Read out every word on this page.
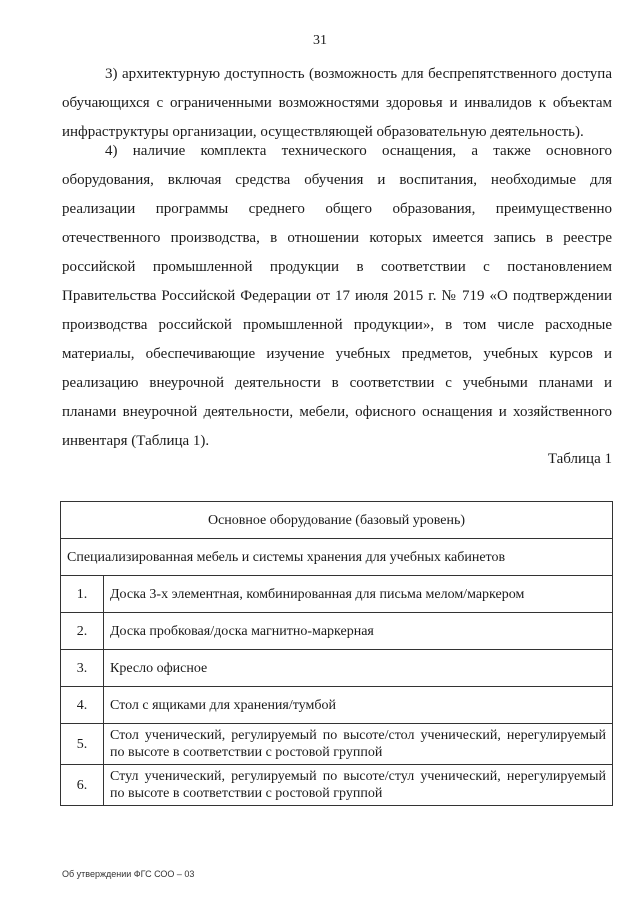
31

3) архитектурную доступность (возможность для беспрепятственного доступа обучающихся с ограниченными возможностями здоровья и инвалидов к объектам инфраструктуры организации, осуществляющей образовательную деятельность).

4) наличие комплекта технического оснащения, а также основного оборудования, включая средства обучения и воспитания, необходимые для реализации программы среднего общего образования, преимущественно отечественного производства, в отношении которых имеется запись в реестре российской промышленной продукции в соответствии с постановлением Правительства Российской Федерации от 17 июля 2015 г. № 719 «О подтверждении производства российской промышленной продукции», в том числе расходные материалы, обеспечивающие изучение учебных предметов, учебных курсов и реализацию внеурочной деятельности в соответствии с учебными планами и планами внеурочной деятельности, мебели, офисного оснащения и хозяйственного инвентаря (Таблица 1).

Таблица 1
Основное оборудование (базовый уровень)	
Специализированная мебель и системы хранения для учебных кабинетов	
1.	Доска 3-х элементная, комбинированная для письма мелом/маркером
2.	Доска пробковая/доска магнитно-маркерная
3.	Кресло офисное
4.	Стол с ящиками для хранения/тумбой
5.	Стол ученический, регулируемый по высоте/стол ученический, нерегулируемый по высоте в соответствии с ростовой группой
6.	Стул ученический, регулируемый по высоте/стул ученический, нерегулируемый по высоте в соответствии с ростовой группой
Об утверждении ФГС СОО – 03
